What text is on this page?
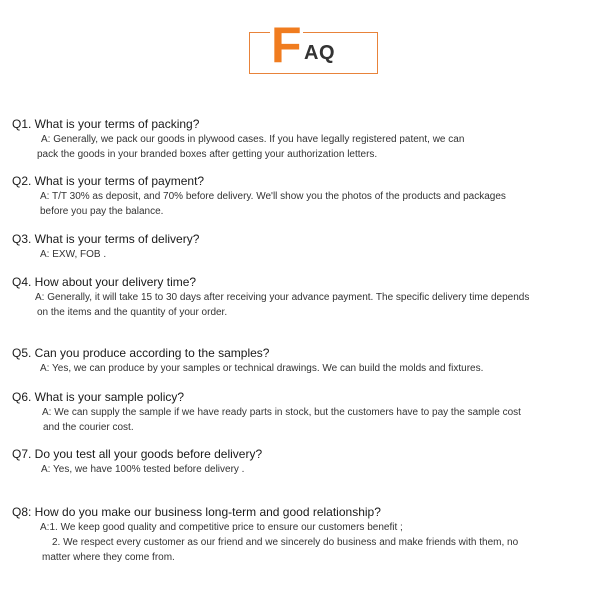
F AQ
Q1. What is your terms of packing?
A: Generally, we pack our goods in plywood cases. If you have legally registered patent, we can
pack the goods in your branded boxes after getting your authorization letters.
Q2. What is your terms of payment?
A: T/T 30% as deposit, and 70% before delivery. We'll show you the photos of the products and packages
before you pay the balance.
Q3. What is your terms of delivery?
A: EXW, FOB .
Q4. How about your delivery time?
A: Generally, it will take 15 to 30 days after receiving your advance payment. The specific delivery time depends
on the items and the quantity of your order.
Q5. Can you produce according to the samples?
A: Yes, we can produce by your samples or technical drawings. We can build the molds and fixtures.
Q6. What is your sample policy?
A: We can supply the sample if we have ready parts in stock, but the customers have to pay the sample cost
and the courier cost.
Q7. Do you test all your goods before delivery?
A: Yes, we have 100% tested before delivery .
Q8: How do you make our business long-term and good relationship?
A:1. We keep good quality and competitive price to ensure our customers benefit ;
2. We respect every customer as our friend and we sincerely do business and make friends with them, no
matter where they come from.
